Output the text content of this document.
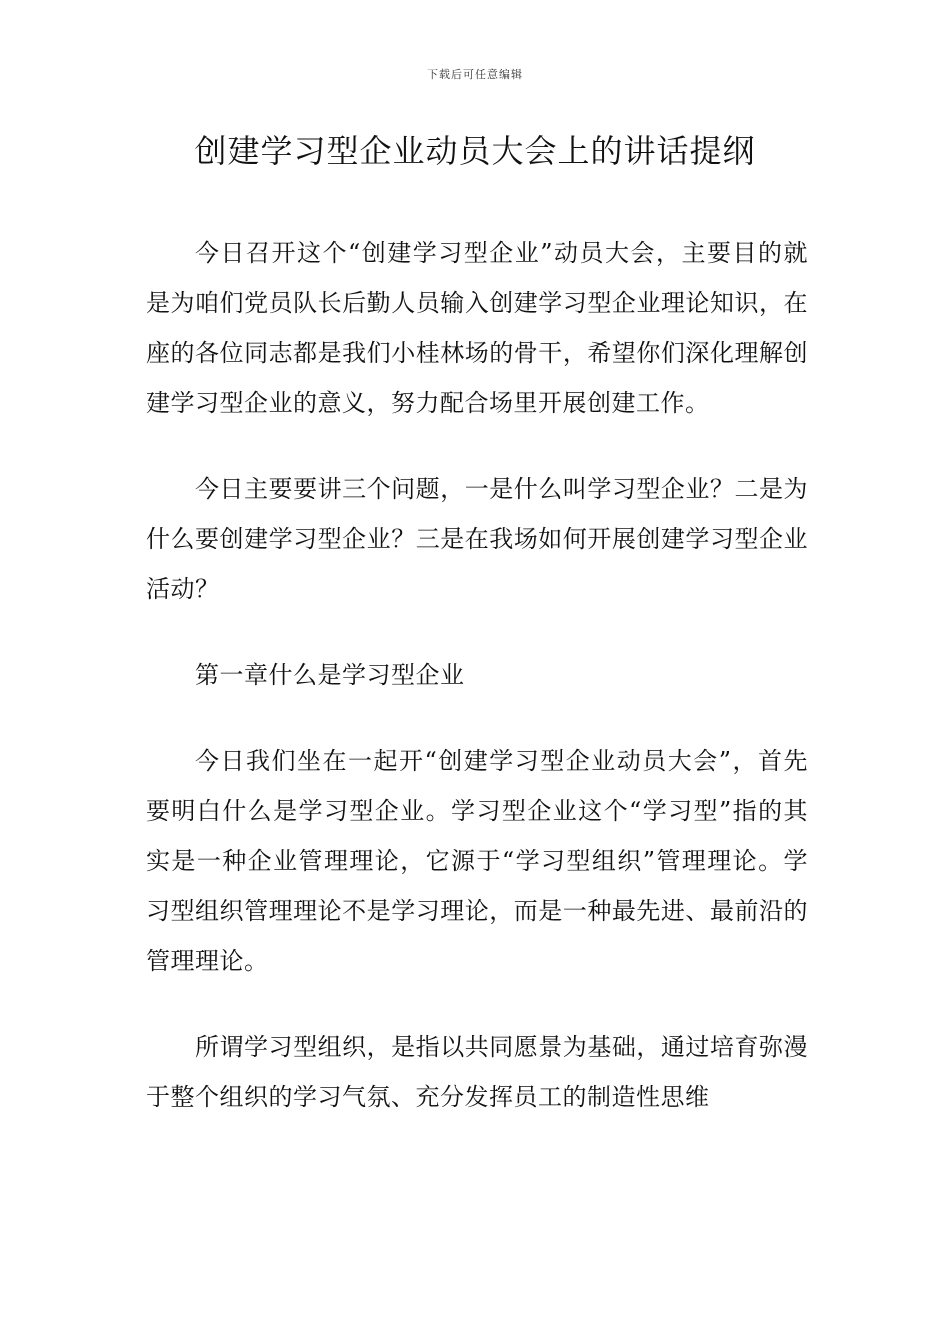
下载后可任意编辑
创建学习型企业动员大会上的讲话提纲

今日召开这个“创建学习型企业”动员大会，主要目的就是为咱们党员队长后勤人员输入创建学习型企业理论知识，在座的各位同志都是我们小桂林场的骨干，希望你们深化理解创建学习型企业的意义，努力配合场里开展创建工作。

今日主要要讲三个问题，一是什么叫学习型企业？二是为什么要创建学习型企业？三是在我场如何开展创建学习型企业活动？

第一章什么是学习型企业

今日我们坐在一起开“创建学习型企业动员大会”，首先要明白什么是学习型企业。学习型企业这个“学习型”指的其实是一种企业管理理论，它源于“学习型组织”管理理论。学习型组织管理理论不是学习理论，而是一种最先进、最前沿的管理理论。

所谓学习型组织，是指以共同愿景为基础，通过培育弥漫于整个组织的学习气氛、充分发挥员工的制造性思维
